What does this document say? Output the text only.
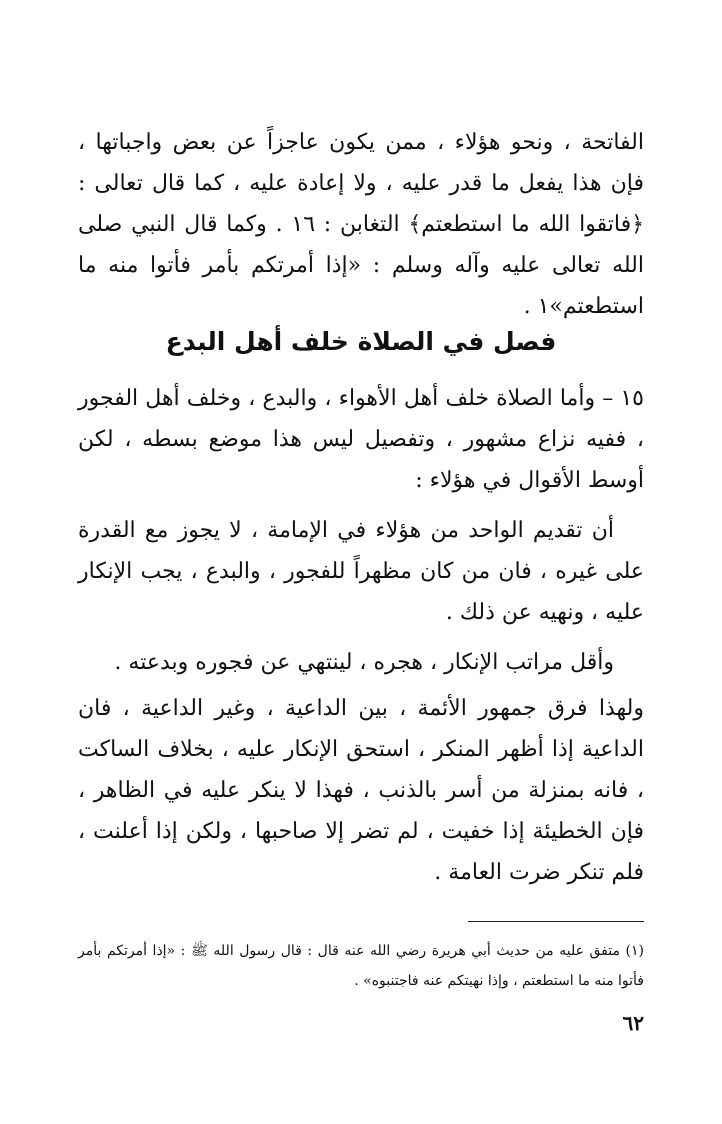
الفاتحة ، ونحو هؤلاء ، ممن يكون عاجزاً عن بعض واجباتها ، فإن هذا يفعل ما قدر عليه ، ولا إعادة عليه ، كما قال تعالى : ﴿فاتقوا الله ما استطعتم﴾ التغابن : ١٦ . وكما قال النبي صلى الله تعالى عليه وآله وسلم : «إذا أمرتكم بأمر فأتوا منه ما استطعتم»١ .

فصل في الصلاة خلف أهل البدع

١٥ – وأما الصلاة خلف أهل الأهواء ، والبدع ، وخلف أهل الفجور ، ففيه نزاع مشهور ، وتفصيل ليس هذا موضع بسطه ، لكن أوسط الأقوال في هؤلاء :

أن تقديم الواحد من هؤلاء في الإمامة ، لا يجوز مع القدرة على غيره ، فان من كان مظهراً للفجور ، والبدع ، يجب الإنكار عليه ، ونهيه عن ذلك .

وأقل مراتب الإنكار ، هجره ، لينتهي عن فجوره وبدعته .

ولهذا فرق جمهور الأئمة ، بين الداعية ، وغير الداعية ، فان الداعية إذا أظهر المنكر ، استحق الإنكار عليه ، بخلاف الساكت ، فانه بمنزلة من أسر بالذنب ، فهذا لا ينكر عليه في الظاهر ، فإن الخطيئة إذا خفيت ، لم تضر إلا صاحبها ، ولكن إذا أعلنت ، فلم تنكر ضرت العامة .

(١) متفق عليه من حديث أبي هريرة رضي الله عنه قال : قال رسول الله ﷺ : «إذا أمرتكم بأمر فأتوا منه ما استطعتم ، وإذا نهيتكم عنه فاجتنبوه» .

٦٢
